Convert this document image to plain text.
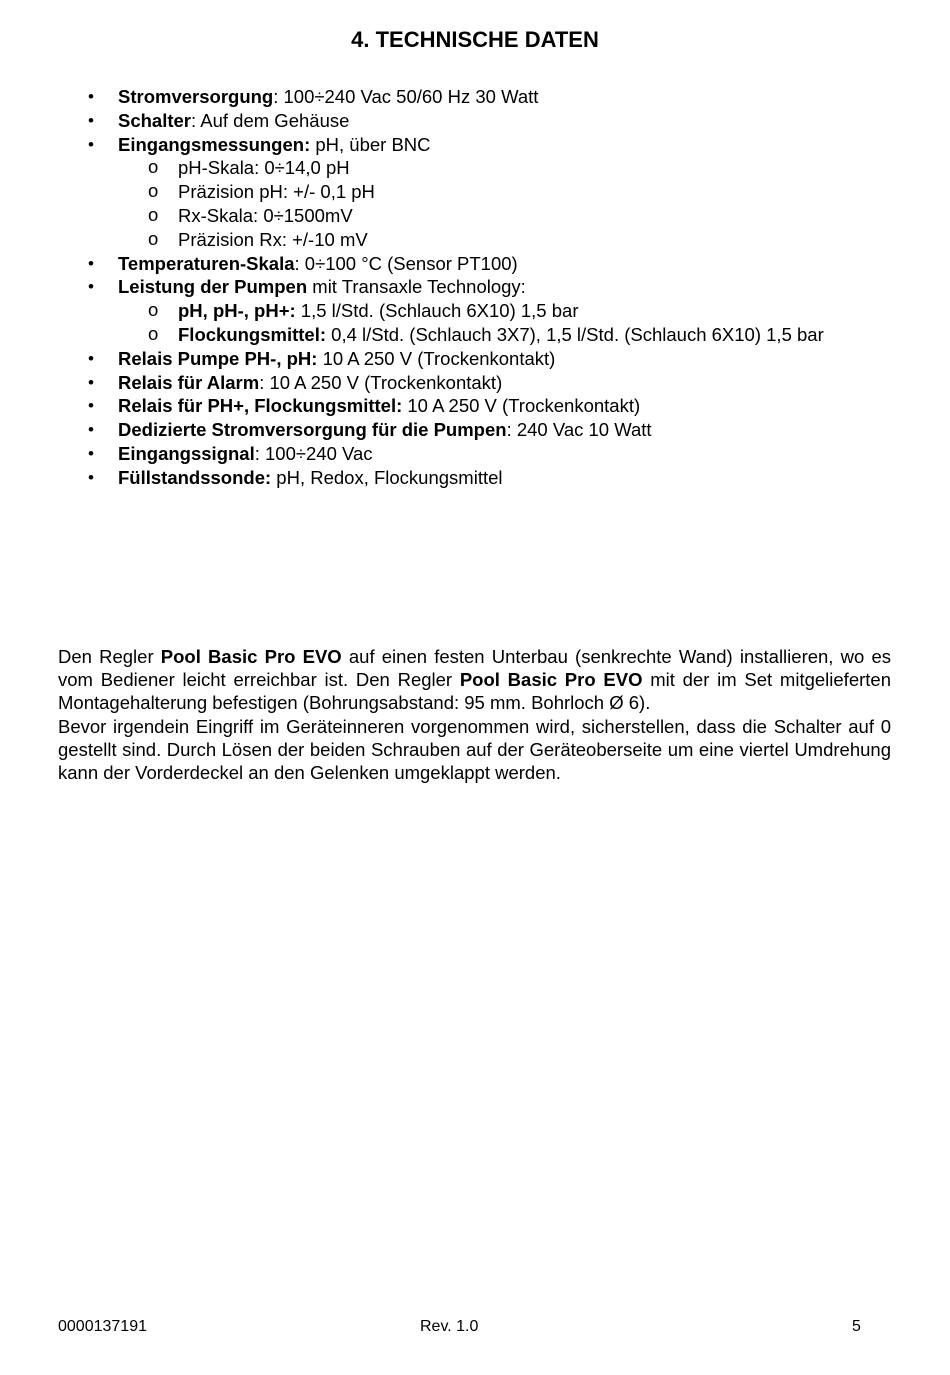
4. TECHNISCHE DATEN
• Stromversorgung: 100÷240 Vac 50/60 Hz 30 Watt
• Schalter: Auf dem Gehäuse
• Eingangsmessungen: pH, über BNC
o pH-Skala: 0÷14,0 pH
o Präzision pH: +/- 0,1 pH
o Rx-Skala: 0÷1500mV
o Präzision Rx: +/-10 mV
• Temperaturen-Skala: 0÷100 °C (Sensor PT100)
• Leistung der Pumpen mit Transaxle Technology:
o pH, pH-, pH+: 1,5 l/Std. (Schlauch 6X10) 1,5 bar
o Flockungsmittel: 0,4 l/Std. (Schlauch 3X7), 1,5 l/Std. (Schlauch 6X10) 1,5 bar
• Relais Pumpe PH-, pH: 10 A 250 V (Trockenkontakt)
• Relais für Alarm: 10 A 250 V (Trockenkontakt)
• Relais für PH+, Flockungsmittel: 10 A 250 V (Trockenkontakt)
• Dedizierte Stromversorgung für die Pumpen: 240 Vac 10 Watt
• Eingangssignal: 100÷240 Vac
• Füllstandssonde: pH, Redox, Flockungsmittel

Den Regler Pool Basic Pro EVO auf einen festen Unterbau (senkrechte Wand) installieren, wo es vom Bediener leicht erreichbar ist. Den Regler Pool Basic Pro EVO mit der im Set mitgelieferten Montagehalterung befestigen (Bohrungsabstand: 95 mm. Bohrloch Ø 6).

Bevor irgendein Eingriff im Geräteinneren vorgenommen wird, sicherstellen, dass die Schalter auf 0 gestellt sind. Durch Lösen der beiden Schrauben auf der Geräteoberseite um eine viertel Umdrehung kann der Vorderdeckel an den Gelenken umgeklappt werden.

0000137191	Rev. 1.0	5
